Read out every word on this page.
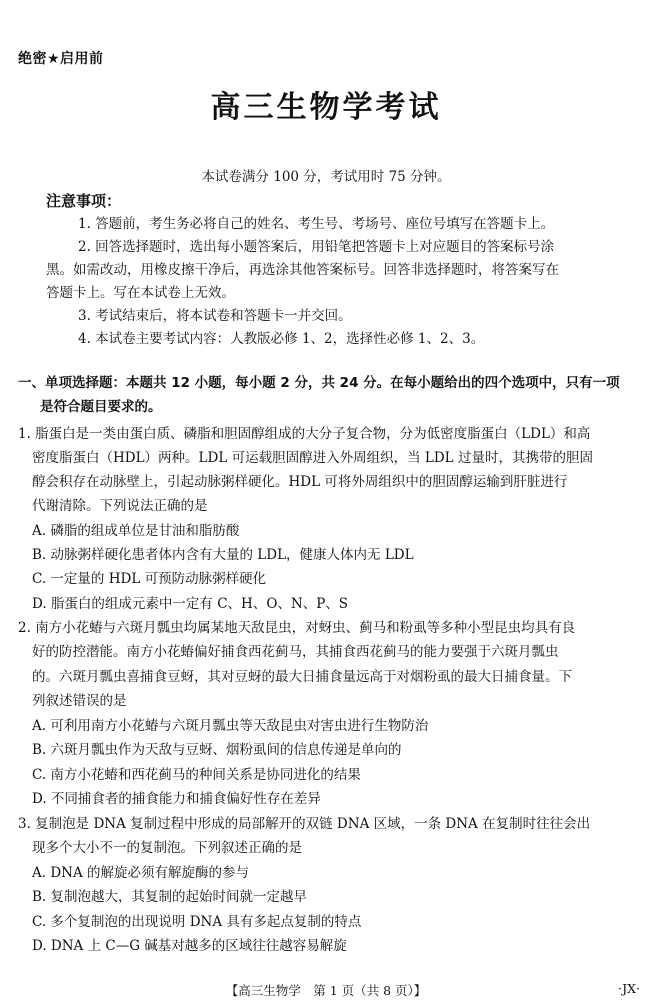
绝密★启用前
高三生物学考试
本试卷满分 100 分，考试用时 75 分钟。
注意事项：
1. 答题前，考生务必将自己的姓名、考生号、考场号、座位号填写在答题卡上。
2. 回答选择题时，选出每小题答案后，用铅笔把答题卡上对应题目的答案标号涂
黑。如需改动，用橡皮擦干净后，再选涂其他答案标号。回答非选择题时，将答案写在
答题卡上。写在本试卷上无效。
3. 考试结束后，将本试卷和答题卡一并交回。
4. 本试卷主要考试内容：人教版必修 1、2，选择性必修 1、2、3。
一、单项选择题：本题共 12 小题，每小题 2 分，共 24 分。在每小题给出的四个选项中，只有一项
是符合题目要求的。
1. 脂蛋白是一类由蛋白质、磷脂和胆固醇组成的大分子复合物，分为低密度脂蛋白（LDL）和高
密度脂蛋白（HDL）两种。LDL 可运载胆固醇进入外周组织，当 LDL 过量时，其携带的胆固
醇会积存在动脉壁上，引起动脉粥样硬化。HDL 可将外周组织中的胆固醇运输到肝脏进行
代谢清除。下列说法正确的是
A. 磷脂的组成单位是甘油和脂肪酸
B. 动脉粥样硬化患者体内含有大量的 LDL，健康人体内无 LDL
C. 一定量的 HDL 可预防动脉粥样硬化
D. 脂蛋白的组成元素中一定有 C、H、O、N、P、S
2. 南方小花蝽与六斑月瓢虫均属某地天敌昆虫，对蚜虫、蓟马和粉虱等多种小型昆虫均具有良
好的防控潜能。南方小花蝽偏好捕食西花蓟马，其捕食西花蓟马的能力要强于六斑月瓢虫
的。六斑月瓢虫喜捕食豆蚜，其对豆蚜的最大日捕食量远高于对烟粉虱的最大日捕食量。下
列叙述错误的是
A. 可利用南方小花蝽与六斑月瓢虫等天敌昆虫对害虫进行生物防治
B. 六斑月瓢虫作为天敌与豆蚜、烟粉虱间的信息传递是单向的
C. 南方小花蝽和西花蓟马的种间关系是协同进化的结果
D. 不同捕食者的捕食能力和捕食偏好性存在差异
3. 复制泡是 DNA 复制过程中形成的局部解开的双链 DNA 区域，一条 DNA 在复制时往往会出
现多个大小不一的复制泡。下列叙述正确的是
A. DNA 的解旋必须有解旋酶的参与
B. 复制泡越大，其复制的起始时间就一定越早
C. 多个复制泡的出现说明 DNA 具有多起点复制的特点
D. DNA 上 C—G 碱基对越多的区域往往越容易解旋
【高三生物学　第 1 页（共 8 页）】	·JX·
